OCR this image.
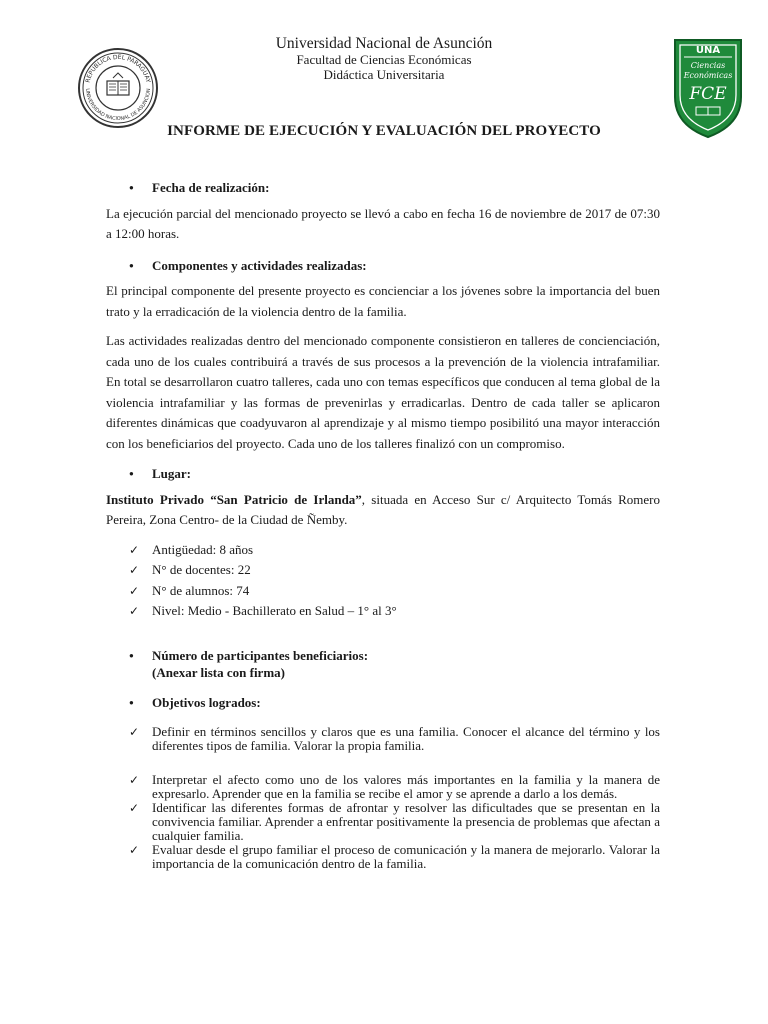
REPUBLICA DEL PARAGUAY
UNIVERSIDAD NACIONAL DE ASUNCION
Universidad Nacional de Asunción
Facultad de Ciencias Económicas
Didáctica Universitaria
UNA
Ciencias
Económicas
FCE
INFORME DE EJECUCIÓN Y EVALUACIÓN DEL PROYECTO
● Fecha de realización:

La ejecución parcial del mencionado proyecto se llevó a cabo en fecha 16 de noviembre de 2017 de 07:30 a 12:00 horas.

● Componentes y actividades realizadas:

El principal componente del presente proyecto es concienciar a los jóvenes sobre la importancia del buen trato y la erradicación de la violencia dentro de la familia.

Las actividades realizadas dentro del mencionado componente consistieron en talleres de concienciación, cada uno de los cuales contribuirá a través de sus procesos a la prevención de la violencia intrafamiliar. En total se desarrollaron cuatro talleres, cada uno con temas específicos que conducen al tema global de la violencia intrafamiliar y las formas de prevenirlas y erradicarlas. Dentro de cada taller se aplicaron diferentes dinámicas que coadyuvaron al aprendizaje y al mismo tiempo posibilitó una mayor interacción con los beneficiarios del proyecto. Cada uno de los talleres finalizó con un compromiso.

● Lugar:

Instituto Privado “San Patricio de Irlanda”, situada en Acceso Sur c/ Arquitecto Tomás Romero Pereira, Zona Centro- de la Ciudad de Ñemby.

✓ Antigüedad: 8 años
✓ N° de docentes: 22
✓ N° de alumnos: 74
✓ Nivel: Medio - Bachillerato en Salud – 1° al 3°
● Número de participantes beneficiarios:
(Anexar lista con firma)
● Objetivos logrados:
✓ Definir en términos sencillos y claros que es una familia. Conocer el alcance del término y los diferentes tipos de familia. Valorar la propia familia.
✓ Interpretar el afecto como uno de los valores más importantes en la familia y la manera de expresarlo. Aprender que en la familia se recibe el amor y se aprende a darlo a los demás.
✓ Identificar las diferentes formas de afrontar y resolver las dificultades que se presentan en la convivencia familiar. Aprender a enfrentar positivamente la presencia de problemas que afectan a cualquier familia.
✓ Evaluar desde el grupo familiar el proceso de comunicación y la manera de mejorarlo. Valorar la importancia de la comunicación dentro de la familia.
